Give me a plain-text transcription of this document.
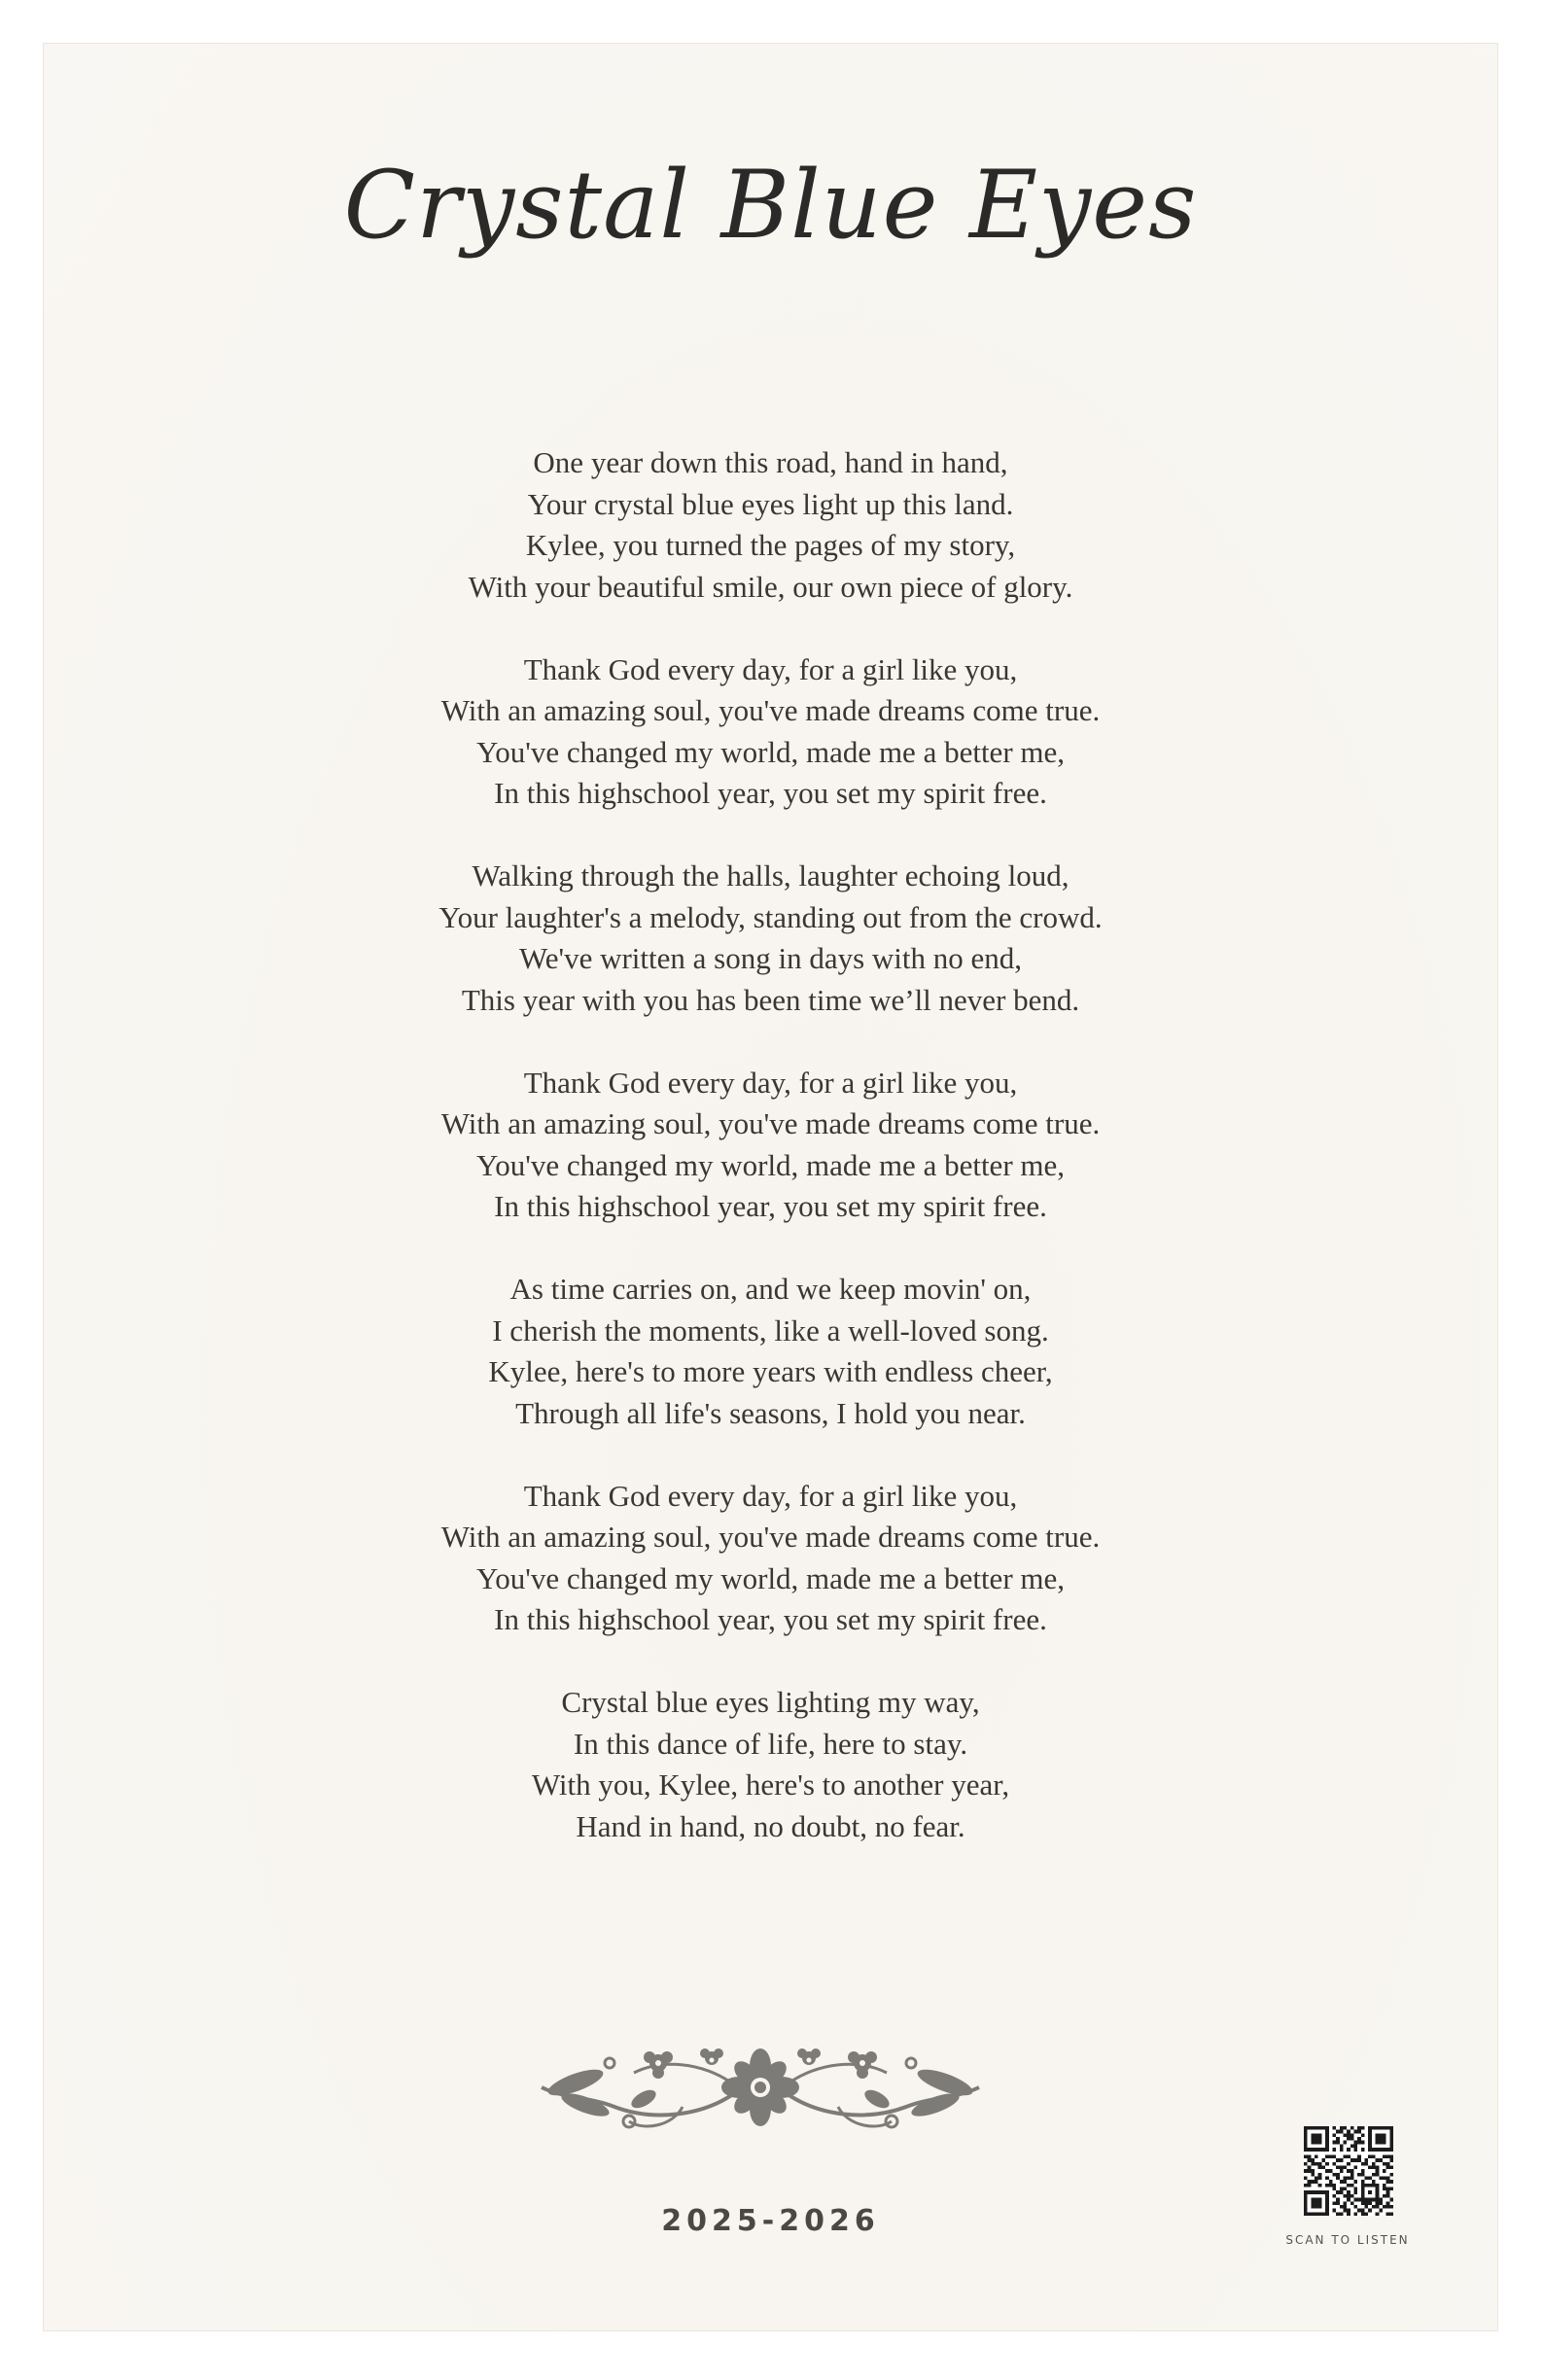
Crystal Blue Eyes
One year down this road, hand in hand,
Your crystal blue eyes light up this land.
Kylee, you turned the pages of my story,
With your beautiful smile, our own piece of glory.
Thank God every day, for a girl like you,
With an amazing soul, you've made dreams come true.
You've changed my world, made me a better me,
In this highschool year, you set my spirit free.
Walking through the halls, laughter echoing loud,
Your laughter's a melody, standing out from the crowd.
We've written a song in days with no end,
This year with you has been time we’ll never bend.
Thank God every day, for a girl like you,
With an amazing soul, you've made dreams come true.
You've changed my world, made me a better me,
In this highschool year, you set my spirit free.
As time carries on, and we keep movin' on,
I cherish the moments, like a well-loved song.
Kylee, here's to more years with endless cheer,
Through all life's seasons, I hold you near.
Thank God every day, for a girl like you,
With an amazing soul, you've made dreams come true.
You've changed my world, made me a better me,
In this highschool year, you set my spirit free.
Crystal blue eyes lighting my way,
In this dance of life, here to stay.
With you, Kylee, here's to another year,
Hand in hand, no doubt, no fear.
2025-2026
SCAN TO LISTEN
